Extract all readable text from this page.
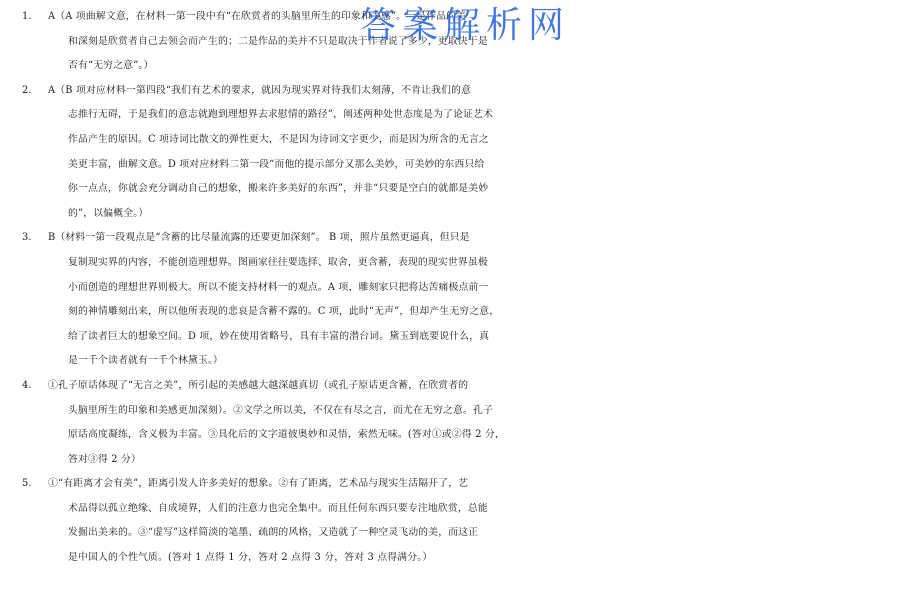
1. A（A 项曲解文意，在材料一第一段中有“在欣赏者的头脑里所生的印象和美感”。一是作品的美
和深刻是欣赏者自己去领会而产生的；二是作品的美并不只是取决于作者说了多少，更取决于是
否有“无穷之意”。）
2. A（B 项对应材料一第四段“我们有艺术的要求，就因为现实界对待我们太刻薄，不肯让我们的意
志推行无碍，于是我们的意志就跑到理想界去求慰情的路径”，阐述两种处世态度是为了论证艺术
作品产生的原因。C 项诗词比散文的弹性更大，不是因为诗词文字更少，而是因为所含的无言之
美更丰富，曲解文意。D 项对应材料二第一段“而他的提示部分又那么美妙，可美妙的东西只给
你一点点，你就会充分调动自己的想象，搬来许多美好的东西”，并非“只要是空白的就都是美妙
的”，以偏概全。）
3. B（材料一第一段观点是“含蓄的比尽量流露的还要更加深刻”。 B 项，照片虽然更逼真，但只是
复制现实界的内容，不能创造理想界。图画家往往要选择、取舍，更含蓄，表现的现实世界虽极
小而创造的理想世界则极大。所以不能支持材料一的观点。A 项，雕刻家只把将达苦痛极点前一
刻的神情雕刻出来，所以他所表现的悲哀是含蓄不露的。C 项，此时“无声”，但却产生无穷之意，
给了读者巨大的想象空间。D 项，妙在使用省略号，具有丰富的潜台词。黛玉到底要说什么，真
是一千个读者就有一千个林黛玉。）
4. ①孔子原话体现了“无言之美”，所引起的美感越大越深越真切（或孔子原话更含蓄，在欣赏者的
头脑里所生的印象和美感更加深刻）。②文学之所以美，不仅在有尽之言，而尤在无穷之意。孔子
原话高度凝练，含义极为丰富。③具化后的文字道彼奥妙和灵悟，索然无味。(答对①或②得 2 分，
答对③得 2 分）
5. ①“有距离才会有美”，距离引发人许多美好的想象。②有了距离，艺术品与现实生活隔开了，艺
术品得以孤立绝缘、自成境界，人们的注意力也完全集中。而且任何东西只要专注地欣赏，总能
发掘出美来的。③“虚写”这样简淡的笔墨、疏朗的风格，又造就了一种空灵飞动的美，而这正
是中国人的个性气质。(答对 1 点得 1 分，答对 2 点得 3 分，答对 3 点得满分。）
答案解析网
